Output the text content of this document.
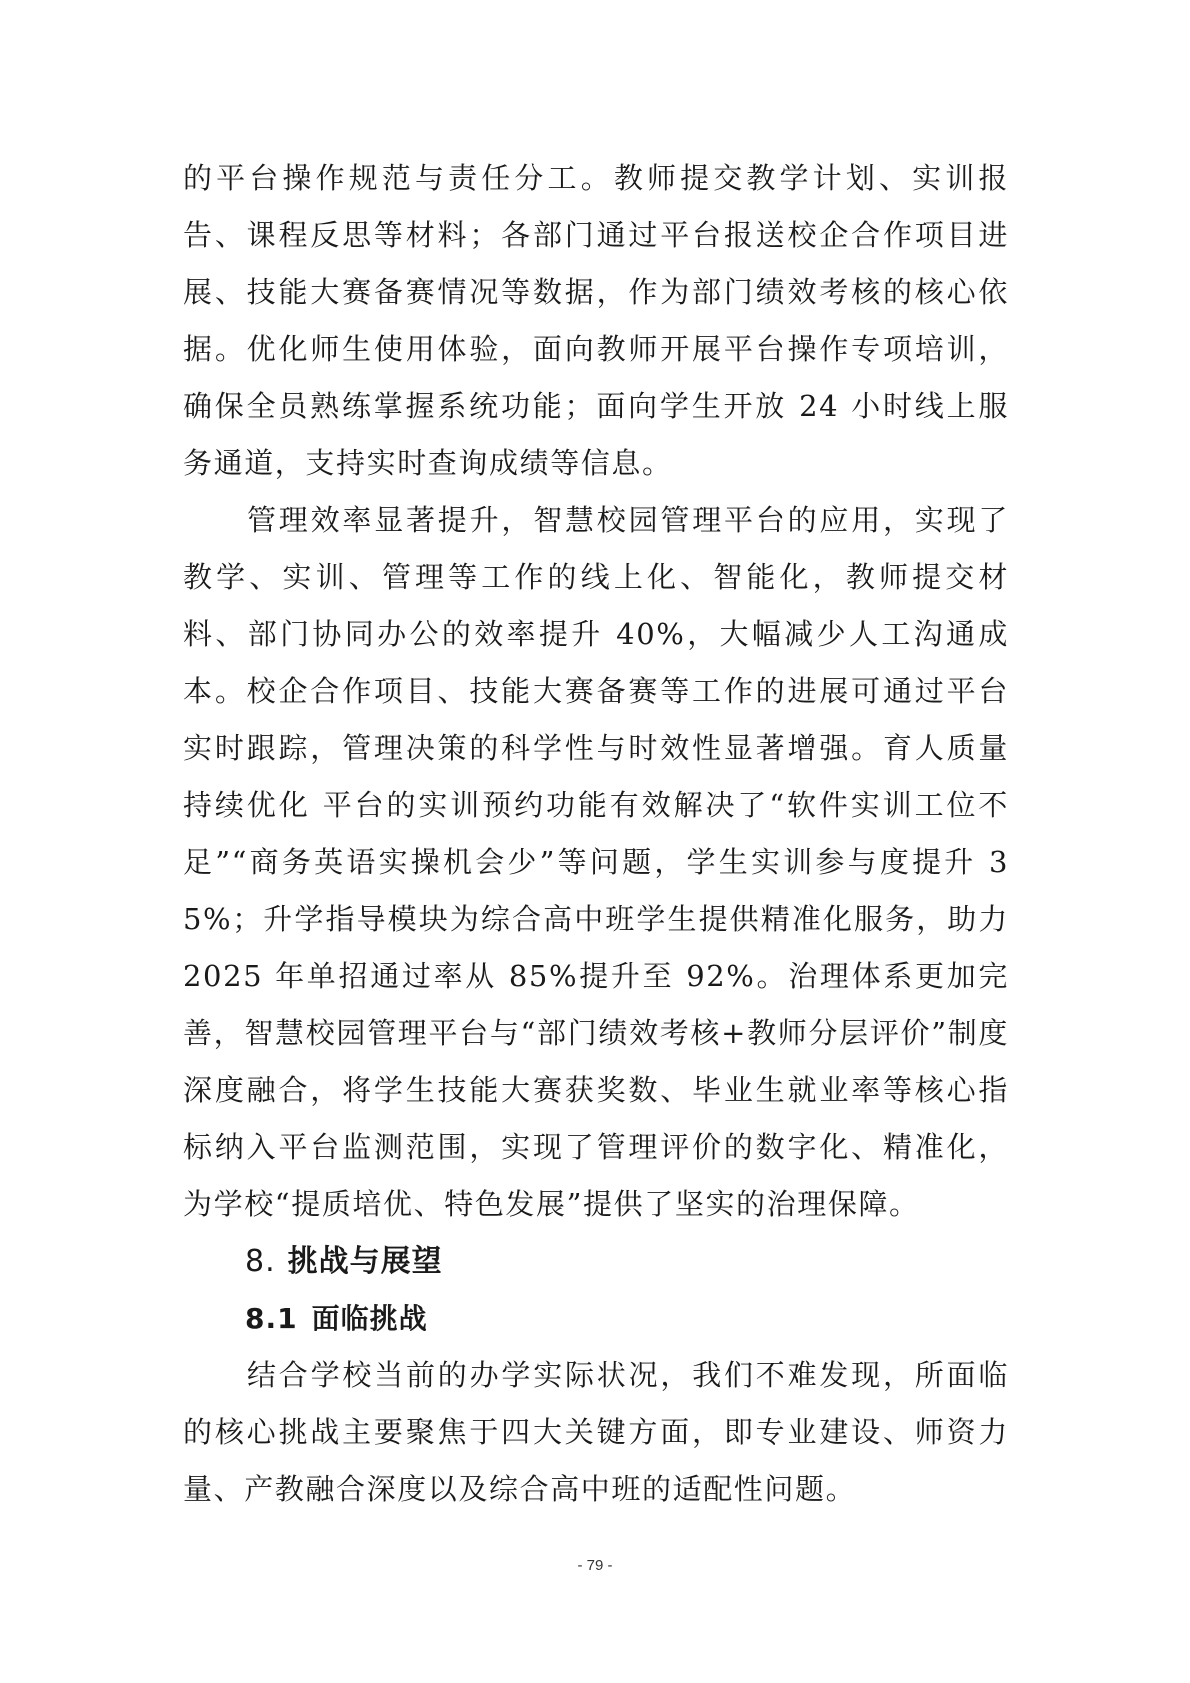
的平台操作规范与责任分工。教师提交教学计划、实训报告、课程反思等材料；各部门通过平台报送校企合作项目进展、技能大赛备赛情况等数据，作为部门绩效考核的核心依据。优化师生使用体验，面向教师开展平台操作专项培训，确保全员熟练掌握系统功能；面向学生开放 24 小时线上服务通道，支持实时查询成绩等信息。

管理效率显著提升，智慧校园管理平台的应用，实现了教学、实训、管理等工作的线上化、智能化，教师提交材料、部门协同办公的效率提升 40%，大幅减少人工沟通成本。校企合作项目、技能大赛备赛等工作的进展可通过平台实时跟踪，管理决策的科学性与时效性显著增强。育人质量持续优化 平台的实训预约功能有效解决了“软件实训工位不足”“商务英语实操机会少”等问题，学生实训参与度提升 35%；升学指导模块为综合高中班学生提供精准化服务，助力 2025 年单招通过率从 85%提升至 92%。治理体系更加完善，智慧校园管理平台与“部门绩效考核+教师分层评价”制度深度融合，将学生技能大赛获奖数、毕业生就业率等核心指标纳入平台监测范围，实现了管理评价的数字化、精准化，为学校“提质培优、特色发展”提供了坚实的治理保障。

8. 挑战与展望
8.1 面临挑战

结合学校当前的办学实际状况，我们不难发现，所面临的核心挑战主要聚焦于四大关键方面，即专业建设、师资力量、产教融合深度以及综合高中班的适配性问题。

- 79 -
